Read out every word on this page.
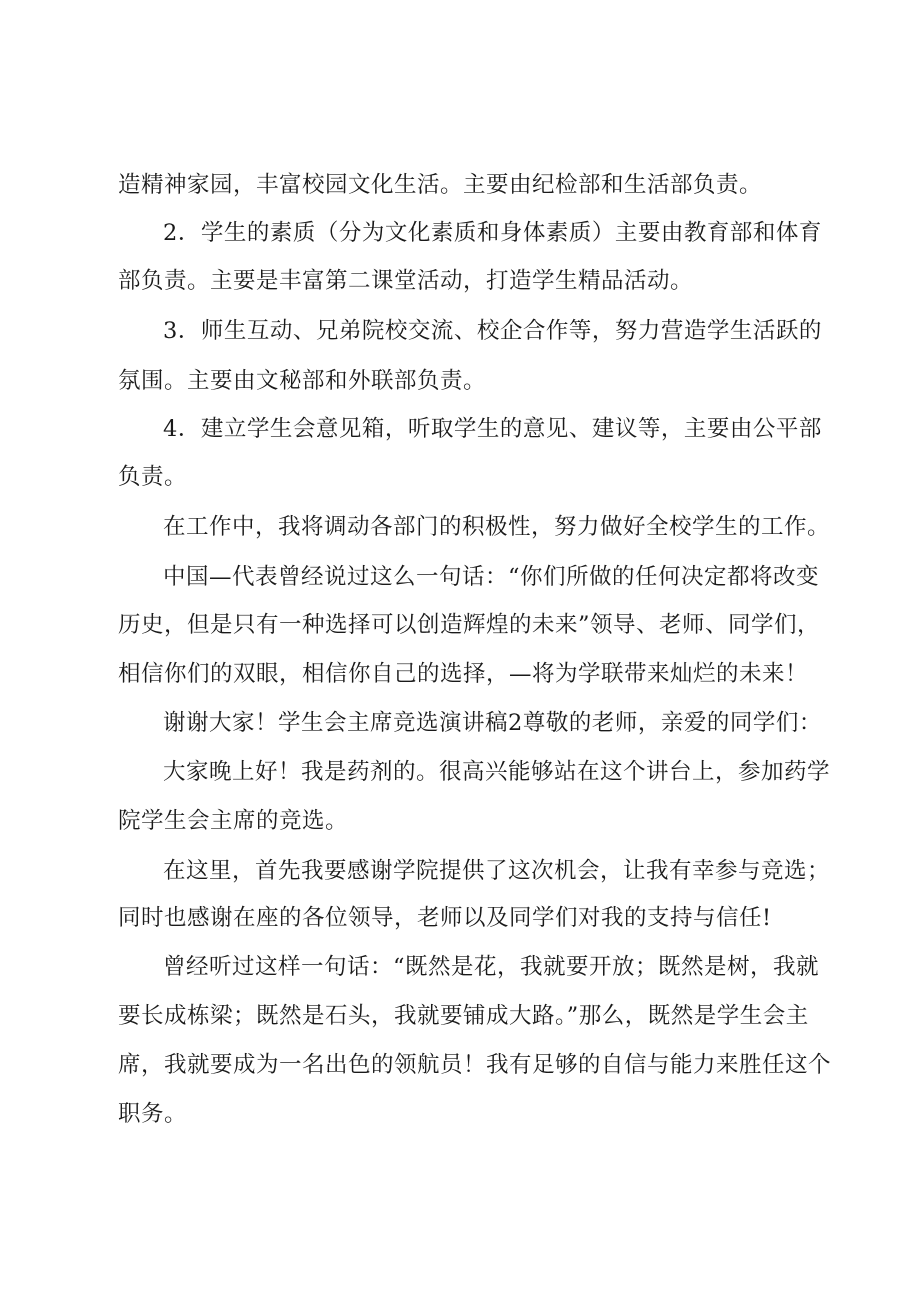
造精神家园，丰富校园文化生活。主要由纪检部和生活部负责。
2．学生的素质（分为文化素质和身体素质）主要由教育部和体育
部负责。主要是丰富第二课堂活动，打造学生精品活动。
3．师生互动、兄弟院校交流、校企合作等，努力营造学生活跃的
氛围。主要由文秘部和外联部负责。
4．建立学生会意见箱，听取学生的意见、建议等，主要由公平部
负责。
在工作中，我将调动各部门的积极性，努力做好全校学生的工作。
中国—代表曾经说过这么一句话：“你们所做的任何决定都将改变
历史，但是只有一种选择可以创造辉煌的未来”领导、老师、同学们，
相信你们的双眼，相信你自己的选择，—将为学联带来灿烂的未来！
谢谢大家！学生会主席竞选演讲稿2尊敬的老师，亲爱的同学们：
大家晚上好！我是药剂的。很高兴能够站在这个讲台上，参加药学
院学生会主席的竞选。
在这里，首先我要感谢学院提供了这次机会，让我有幸参与竞选；
同时也感谢在座的各位领导，老师以及同学们对我的支持与信任!
曾经听过这样一句话：“既然是花，我就要开放；既然是树，我就
要长成栋梁；既然是石头，我就要铺成大路。”那么，既然是学生会主
席，我就要成为一名出色的领航员！我有足够的自信与能力来胜任这个
职务。
